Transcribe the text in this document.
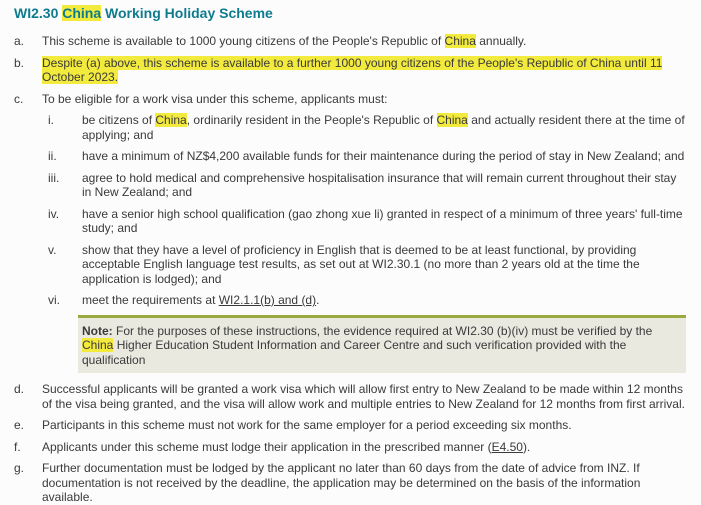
WI2.30 China Working Holiday Scheme
a.	This scheme is available to 1000 young citizens of the People's Republic of China annually.
b.	Despite (a) above, this scheme is available to a further 1000 young citizens of the People's Republic of China until 11 October 2023.
c.	To be eligible for a work visa under this scheme, applicants must:
i.	be citizens of China, ordinarily resident in the People's Republic of China and actually resident there at the time of applying; and
ii.	have a minimum of NZ$4,200 available funds for their maintenance during the period of stay in New Zealand; and
iii.	agree to hold medical and comprehensive hospitalisation insurance that will remain current throughout their stay in New Zealand; and
iv.	have a senior high school qualification (gao zhong xue li) granted in respect of a minimum of three years' full-time study; and
v.	show that they have a level of proficiency in English that is deemed to be at least functional, by providing acceptable English language test results, as set out at WI2.30.1 (no more than 2 years old at the time the application is lodged); and
vi.	meet the requirements at WI2.1.1(b) and (d).
Note: For the purposes of these instructions, the evidence required at WI2.30 (b)(iv) must be verified by the China Higher Education Student Information and Career Centre and such verification provided with the qualification
d.	Successful applicants will be granted a work visa which will allow first entry to New Zealand to be made within 12 months of the visa being granted, and the visa will allow work and multiple entries to New Zealand for 12 months from first arrival.
e.	Participants in this scheme must not work for the same employer for a period exceeding six months.
f.	Applicants under this scheme must lodge their application in the prescribed manner (E4.50).
g.	Further documentation must be lodged by the applicant no later than 60 days from the date of advice from INZ. If documentation is not received by the deadline, the application may be determined on the basis of the information available.
